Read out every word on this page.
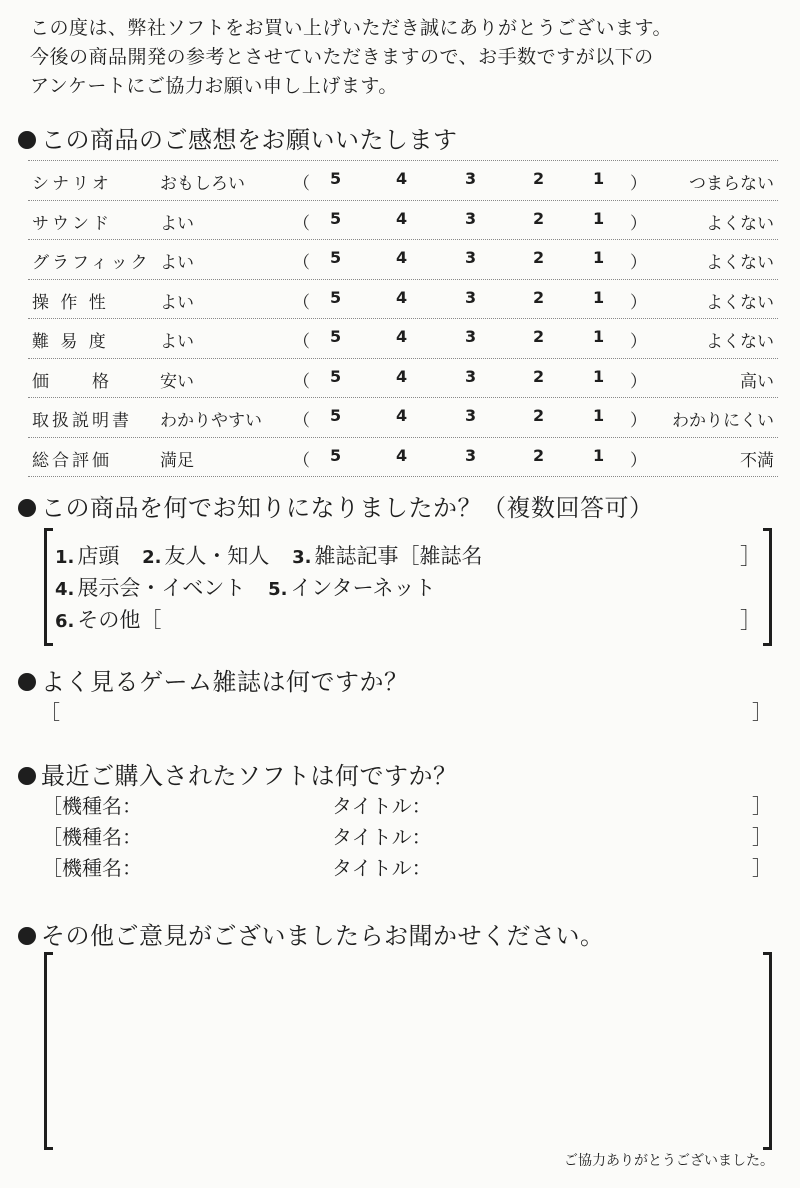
この度は、弊社ソフトをお買い上げいただき誠にありがとうございます。
今後の商品開発の参考とさせていただきますので、お手数ですが以下の
アンケートにご協力お願い申し上げます。
この商品のご感想をお願いいたします
シナリオ	おもしろい	（ 5	4	3	2	1 ） つまらない
サウンド	よい	（ 5	4	3	2	1 ）	よくない
グラフィック よい	（ 5	4	3	2	1 ）	よくない
操 作 性	よい	（ 5	4	3	2	1 ）	よくない
難 易 度	よい	（ 5	4	3	2	1 ）	よくない
価　　格	安い	（ 5	4	3	2	1 ）	高い
取扱説明書 わかりやすい （ 5	4	3	2	1 ） わかりにくい
総合評価	満足	（ 5	4	3	2	1 ）	不満
この商品を何でお知りになりましたか？（複数回答可）
1. 店頭 2. 友人・知人 3. 雑誌記事［雑誌名	］
4. 展示会・イベント 5. インターネット
6. その他［	］
よく見るゲーム雑誌は何ですか？
［	］
最近ご購入されたソフトは何ですか？
［機種名：	タイトル：	］
［機種名：	タイトル：	］
［機種名：	タイトル：	］
その他ご意見がございましたらお聞かせください。
ご協力ありがとうございました。
